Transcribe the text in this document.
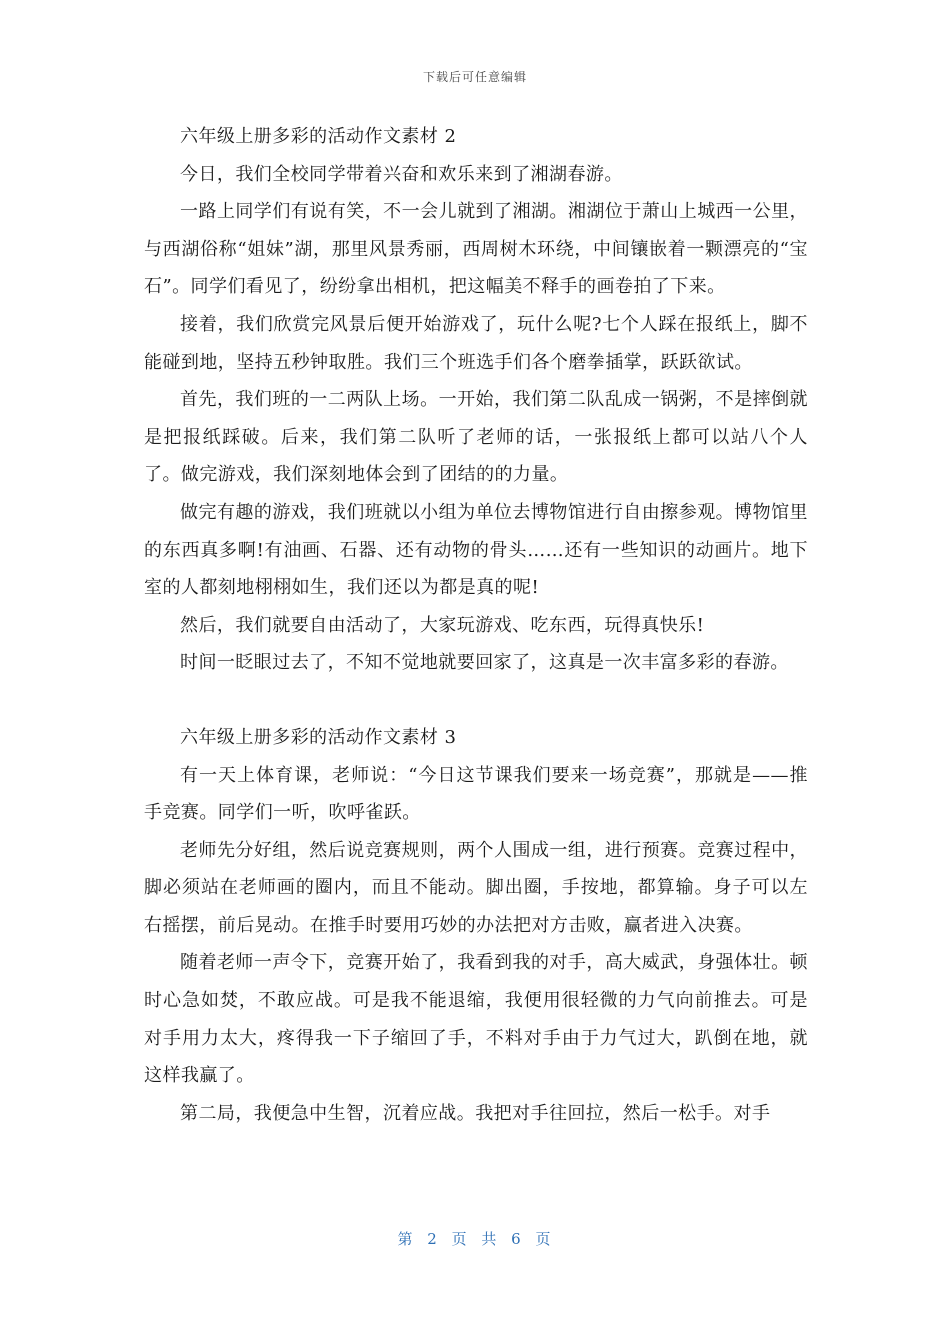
下载后可任意编辑

六年级上册多彩的活动作文素材 2

今日，我们全校同学带着兴奋和欢乐来到了湘湖春游。

一路上同学们有说有笑，不一会儿就到了湘湖。湘湖位于萧山上城西一公里，与西湖俗称“姐妹”湖，那里风景秀丽，西周树木环绕，中间镶嵌着一颗漂亮的“宝石”。同学们看见了，纷纷拿出相机，把这幅美不释手的画卷拍了下来。

接着，我们欣赏完风景后便开始游戏了，玩什么呢?七个人踩在报纸上，脚不能碰到地，坚持五秒钟取胜。我们三个班选手们各个磨拳插掌，跃跃欲试。

首先，我们班的一二两队上场。一开始，我们第二队乱成一锅粥，不是摔倒就是把报纸踩破。后来，我们第二队听了老师的话，一张报纸上都可以站八个人了。做完游戏，我们深刻地体会到了团结的的力量。

做完有趣的游戏，我们班就以小组为单位去博物馆进行自由擦参观。博物馆里的东西真多啊!有油画、石器、还有动物的骨头……还有一些知识的动画片。地下室的人都刻地栩栩如生，我们还以为都是真的呢!

然后，我们就要自由活动了，大家玩游戏、吃东西，玩得真快乐!

时间一眨眼过去了，不知不觉地就要回家了，这真是一次丰富多彩的春游。

六年级上册多彩的活动作文素材 3

有一天上体育课，老师说：“今日这节课我们要来一场竞赛”，那就是——推手竞赛。同学们一听，吹呼雀跃。

老师先分好组，然后说竞赛规则，两个人围成一组，进行预赛。竞赛过程中，脚必须站在老师画的圈内，而且不能动。脚出圈，手按地，都算输。身子可以左右摇摆，前后晃动。在推手时要用巧妙的办法把对方击败，赢者进入决赛。

随着老师一声令下，竞赛开始了，我看到我的对手，高大威武，身强体壮。顿时心急如焚，不敢应战。可是我不能退缩，我便用很轻微的力气向前推去。可是对手用力太大，疼得我一下子缩回了手，不料对手由于力气过大，趴倒在地，就这样我赢了。

第二局，我便急中生智，沉着应战。我把对手往回拉，然后一松手。对手

第 2 页 共 6 页
